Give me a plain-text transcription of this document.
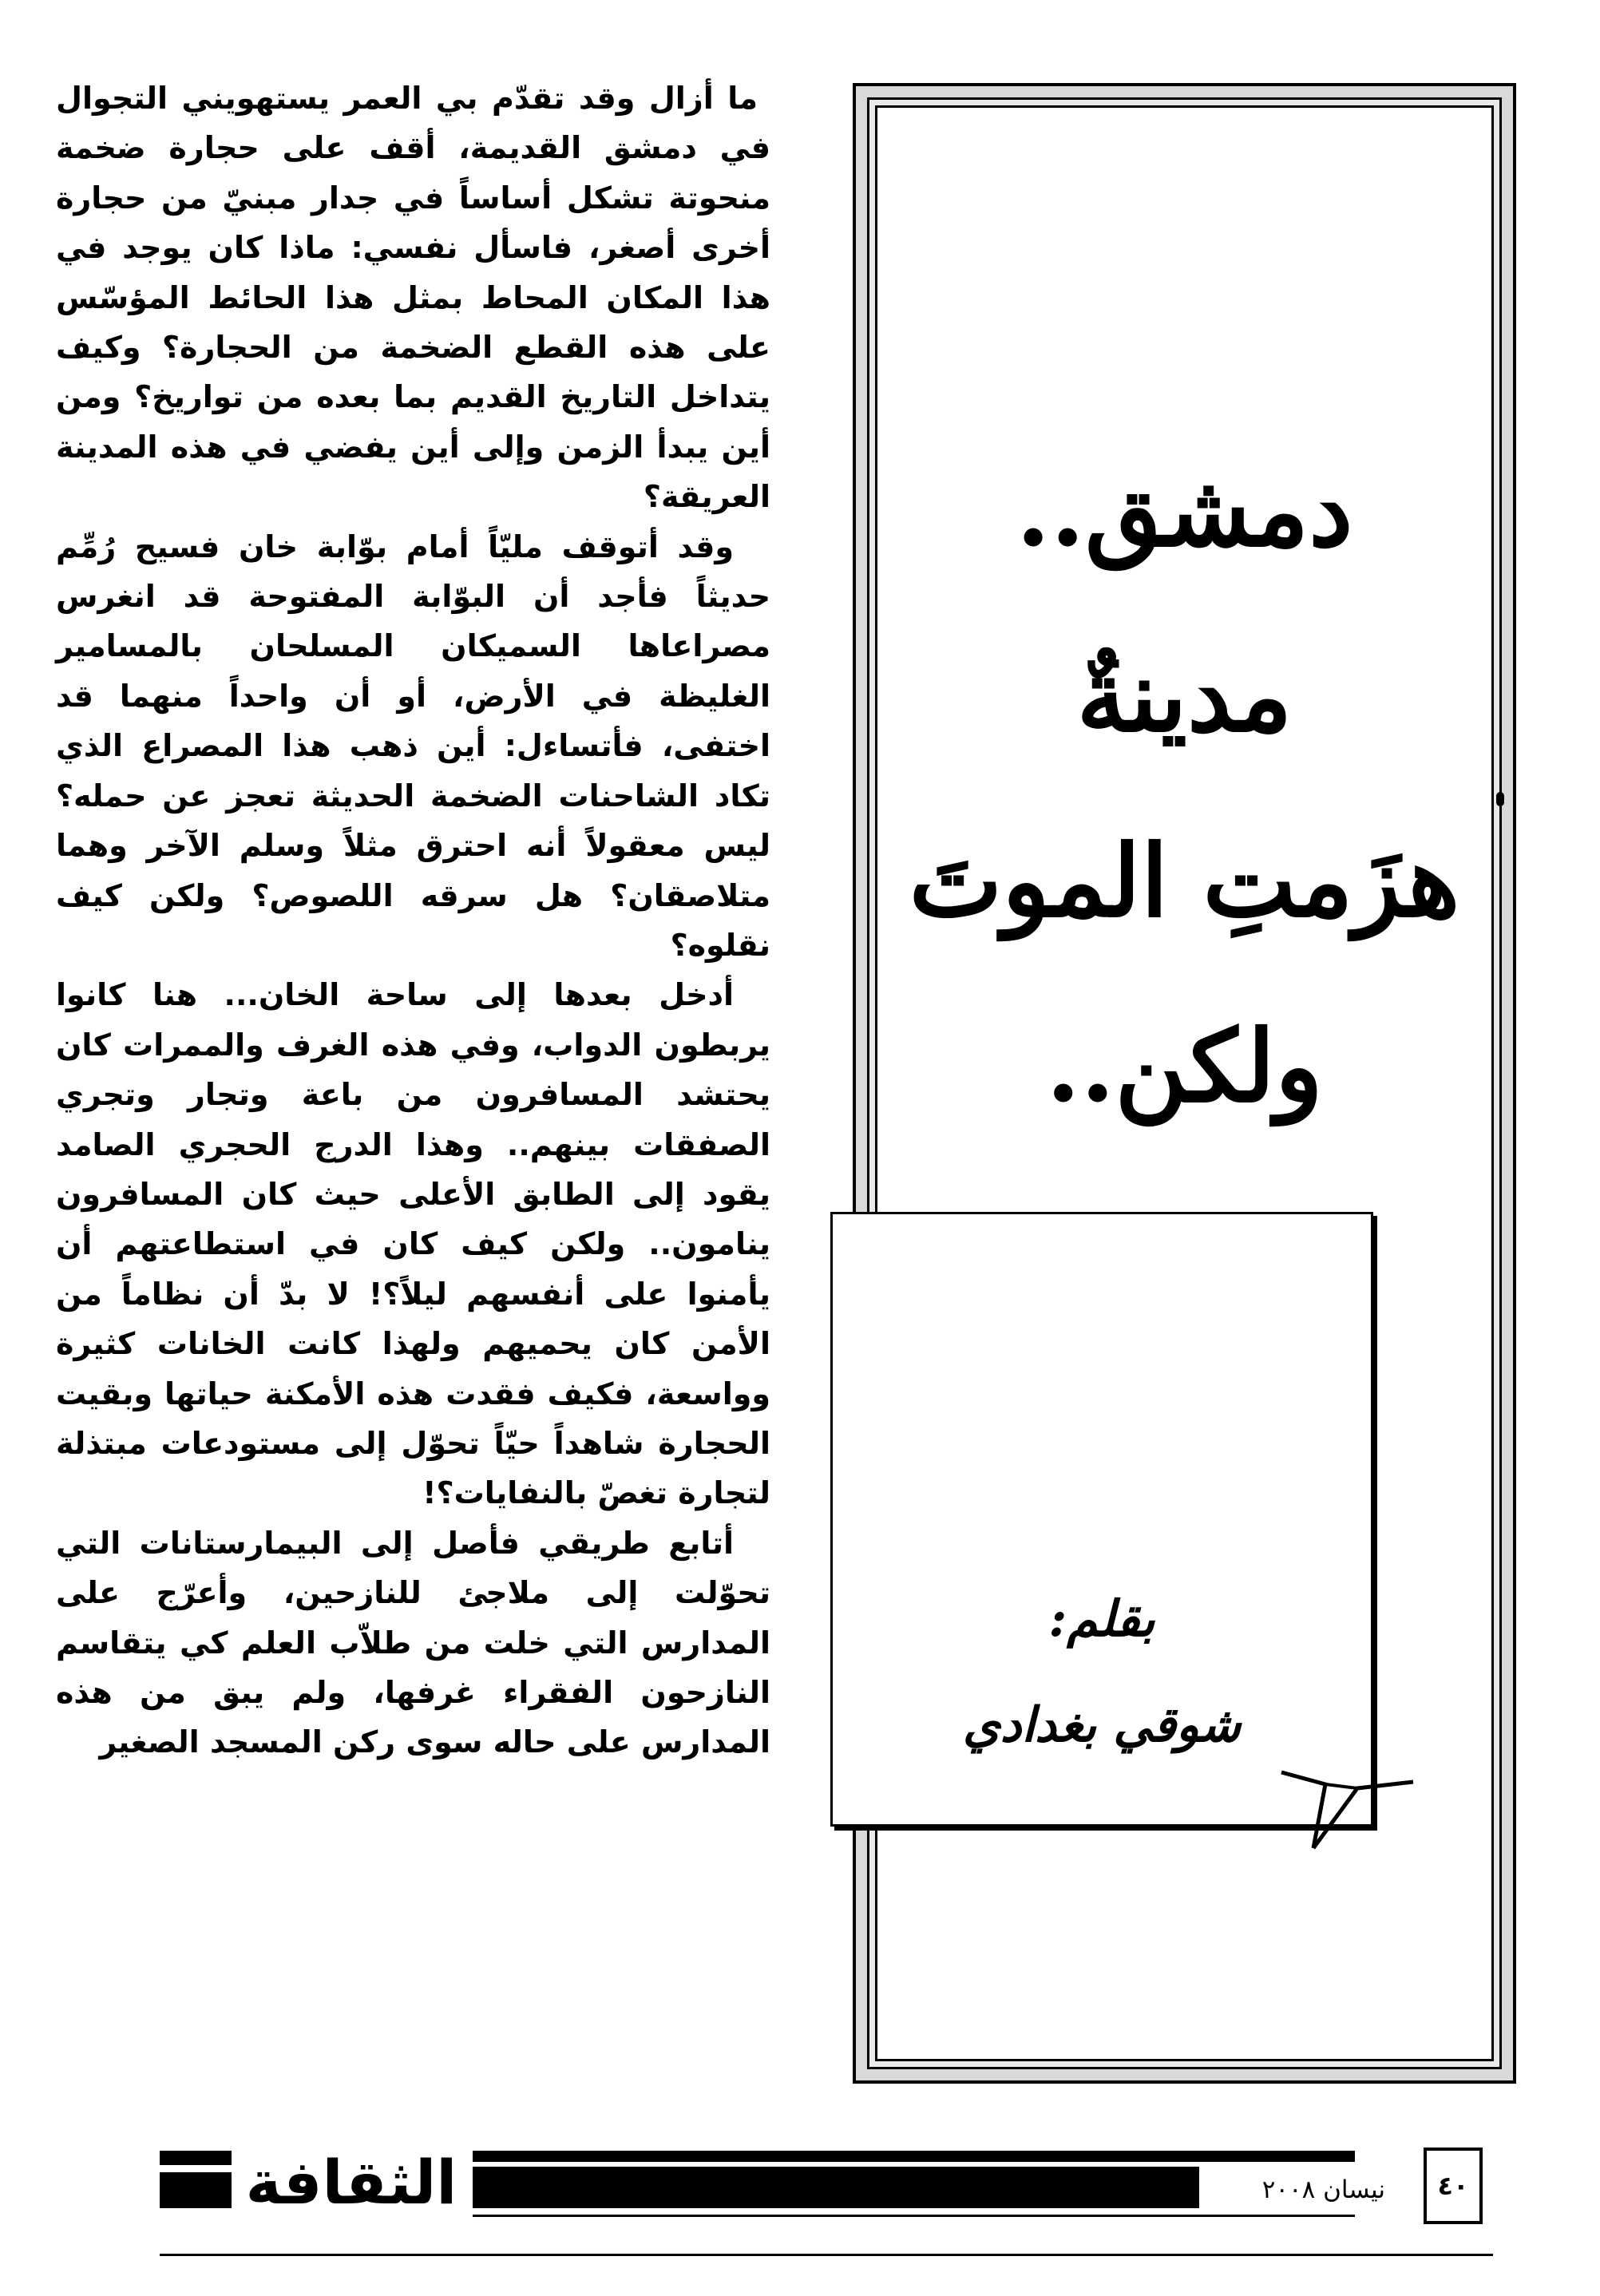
ما أزال وقد تقدّم بي العمر يستهويني التجوال في دمشق القديمة، أقف على حجارة ضخمة منحوتة تشكل أساساً في جدار مبنيّ من حجارة أخرى أصغر، فاسأل نفسي: ماذا كان يوجد في هذا المكان المحاط بمثل هذا الحائط المؤسّس على هذه القطع الضخمة من الحجارة؟ وكيف يتداخل التاريخ القديم بما بعده من تواريخ؟ ومن أين يبدأ الزمن وإلى أين يفضي في هذه المدينة العريقة؟

وقد أتوقف مليّاً أمام بوّابة خان فسيح رُمِّم حديثاً فأجد أن البوّابة المفتوحة قد انغرس مصراعاها السميكان المسلحان بالمسامير الغليظة في الأرض، أو أن واحداً منهما قد اختفى، فأتساءل: أين ذهب هذا المصراع الذي تكاد الشاحنات الضخمة الحديثة تعجز عن حمله؟ ليس معقولاً أنه احترق مثلاً وسلم الآخر وهما متلاصقان؟ هل سرقه اللصوص؟ ولكن كيف نقلوه؟

أدخل بعدها إلى ساحة الخان... هنا كانوا يربطون الدواب، وفي هذه الغرف والممرات كان يحتشد المسافرون من باعة وتجار وتجري الصفقات بينهم.. وهذا الدرج الحجري الصامد يقود إلى الطابق الأعلى حيث كان المسافرون ينامون.. ولكن كيف كان في استطاعتهم أن يأمنوا على أنفسهم ليلاً؟! لا بدّ أن نظاماً من الأمن كان يحميهم ولهذا كانت الخانات كثيرة وواسعة، فكيف فقدت هذه الأمكنة حياتها وبقيت الحجارة شاهداً حيّاً تحوّل إلى مستودعات مبتذلة لتجارة تغصّ بالنفايات؟!

أتابع طريقي فأصل إلى البيمارستانات التي تحوّلت إلى ملاجئ للنازحين، وأعرّج على المدارس التي خلت من طلاّب العلم كي يتقاسم النازحون الفقراء غرفها، ولم يبق من هذه المدارس على حاله سوى ركن المسجد الصغير

دمشق..
مدينةٌ
هزَمتِ الموتَ
ولكن..
بقلم:
شوقي بغدادي
الثقافة	نيسان ٢٠٠٨	٤٠
